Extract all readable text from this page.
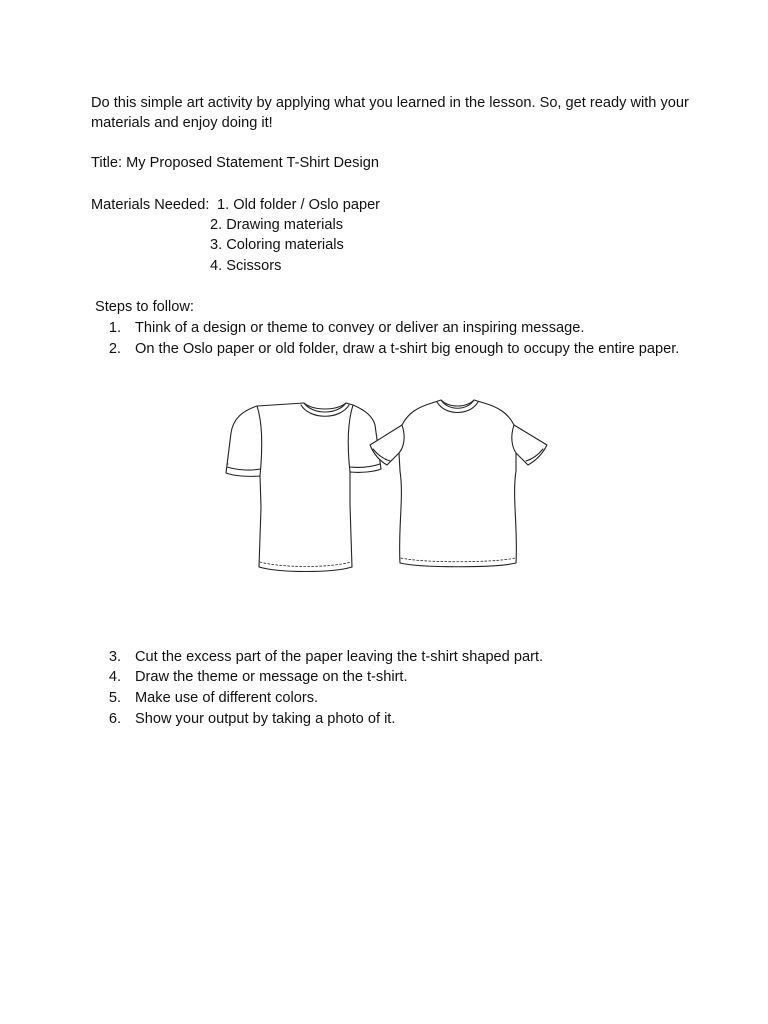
Do this simple art activity by applying what you learned in the lesson. So, get ready with your materials and enjoy doing it!
Title: My Proposed Statement T-Shirt Design
Materials Needed: 1. Old folder / Oslo paper
2. Drawing materials
3. Coloring materials
4. Scissors
Steps to follow:
1. Think of a design or theme to convey or deliver an inspiring message.
2. On the Oslo paper or old folder, draw a t-shirt big enough to occupy the entire paper.
3. Cut the excess part of the paper leaving the t-shirt shaped part.
4. Draw the theme or message on the t-shirt.
5. Make use of different colors.
6. Show your output by taking a photo of it.
